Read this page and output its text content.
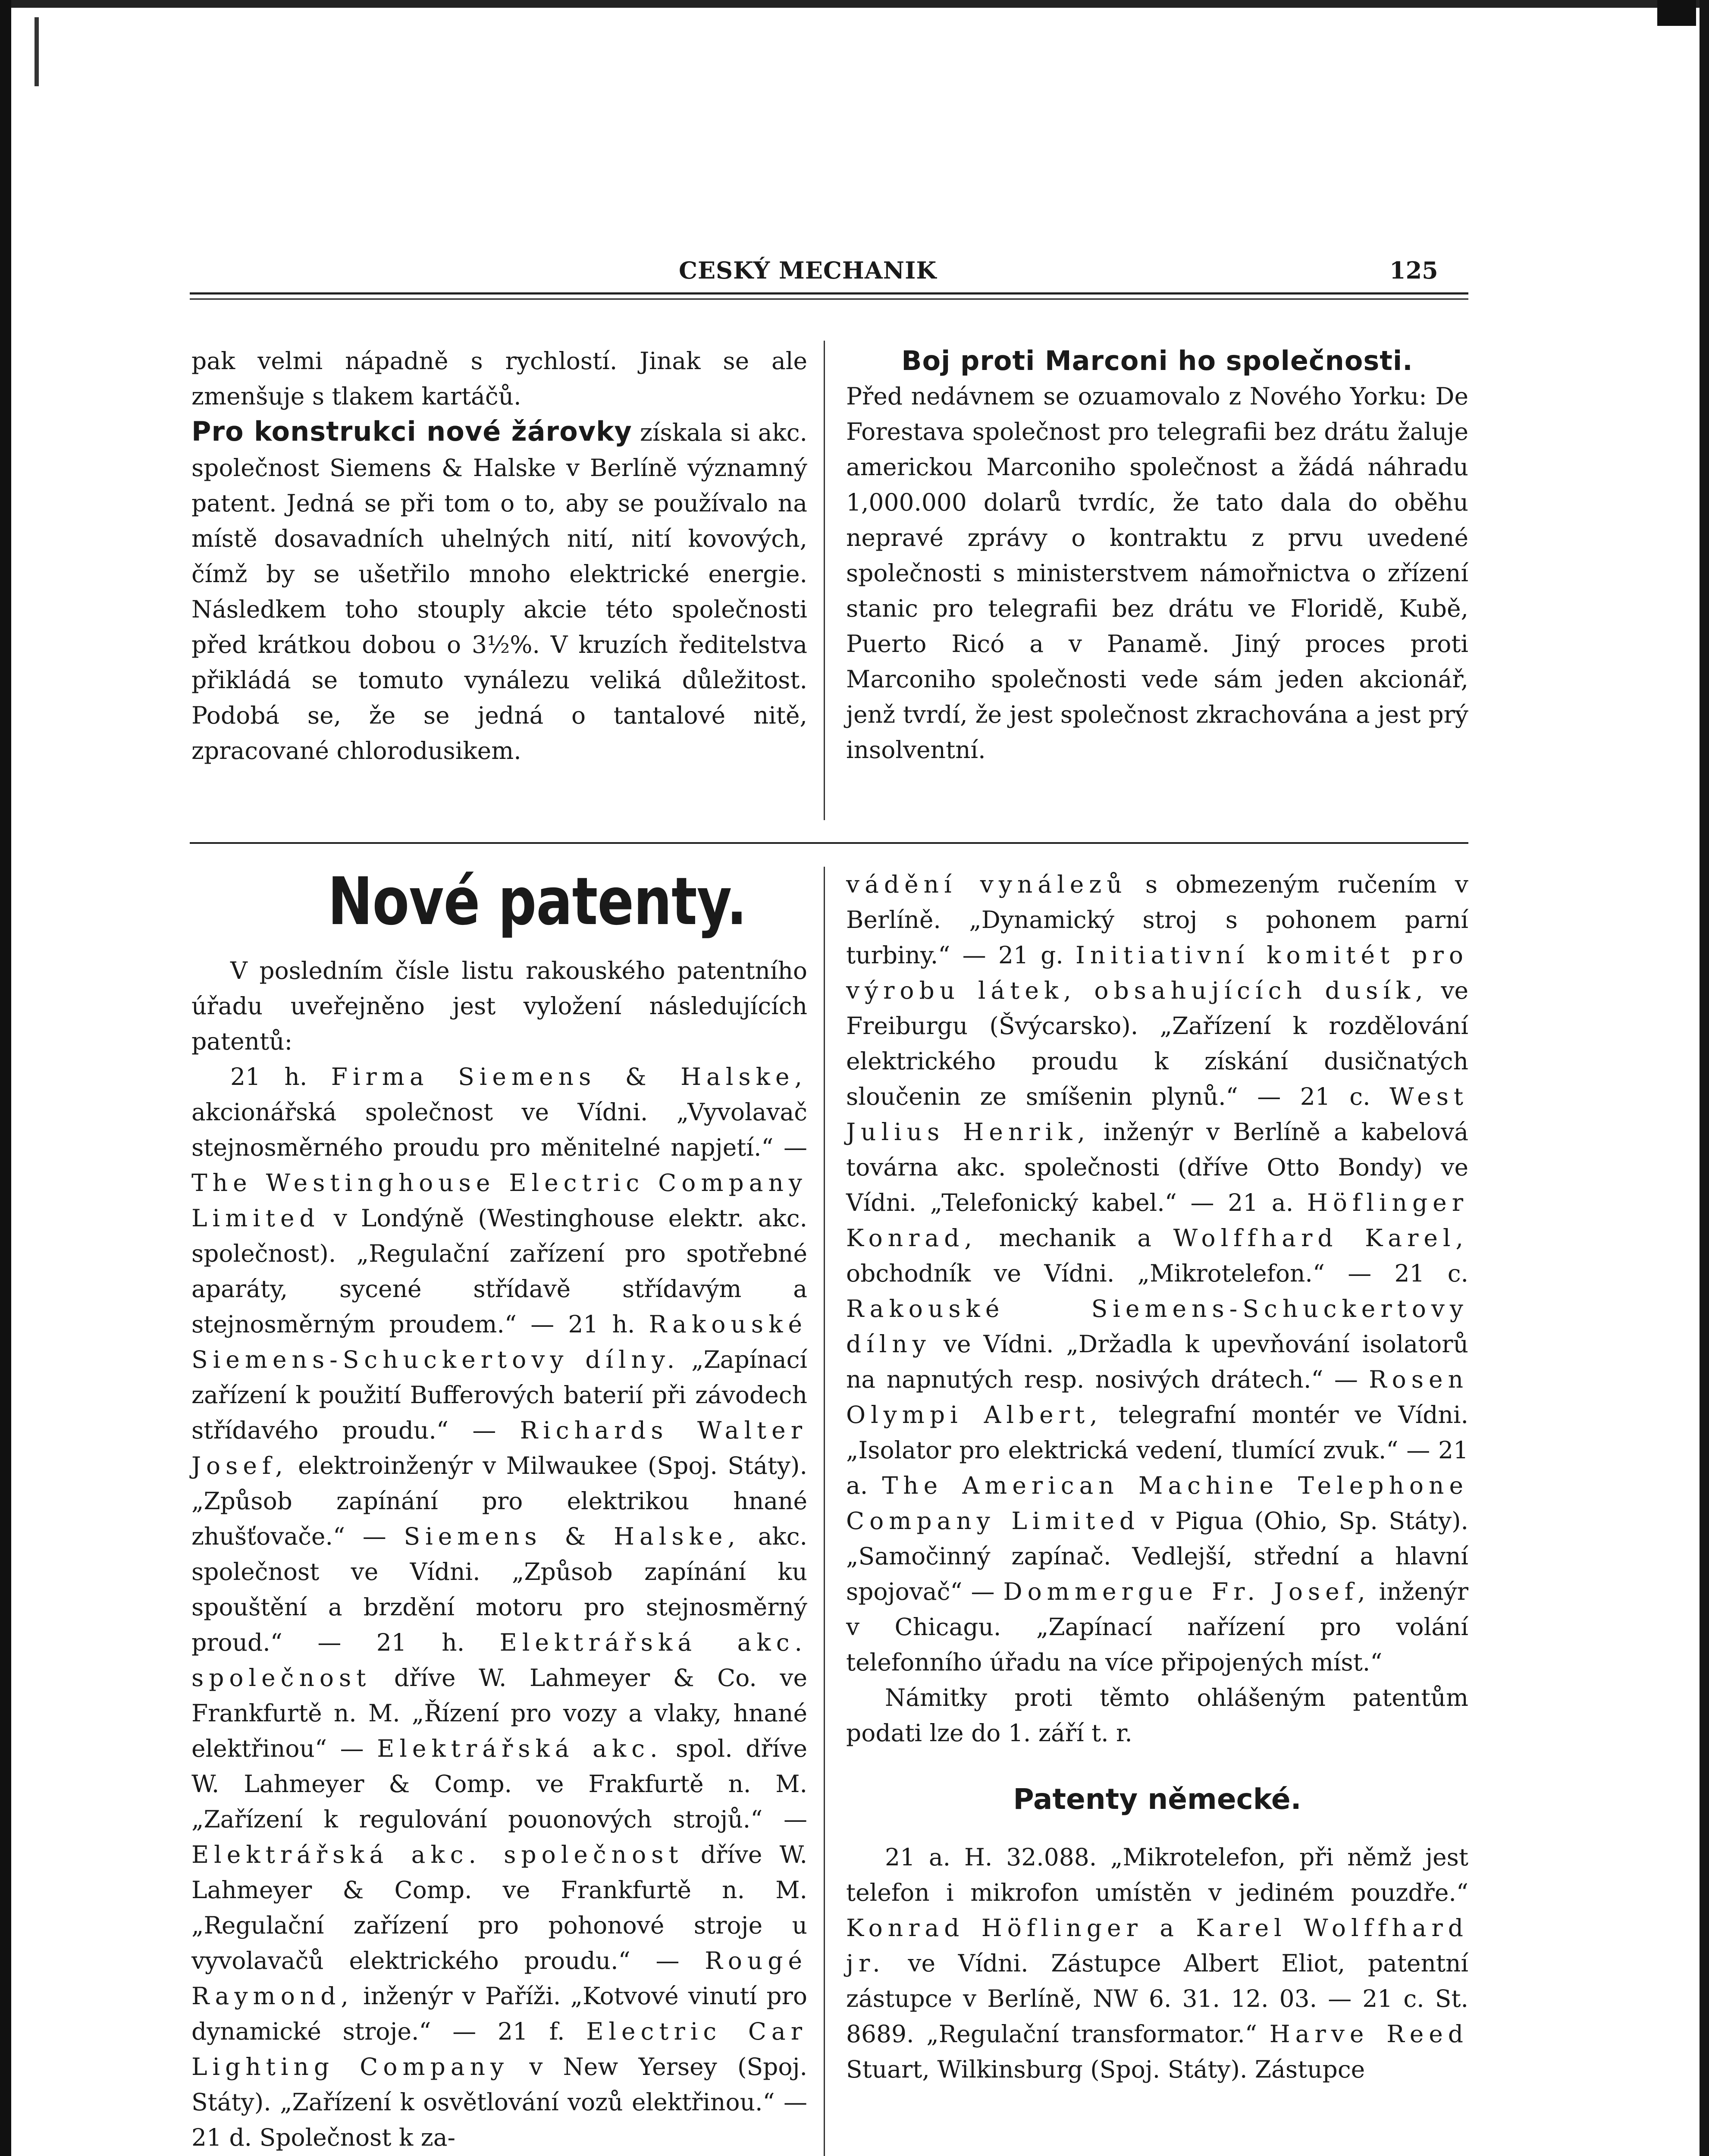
CESKÝ MECHANIK	125

pak velmi nápadně s rychlostí. Jinak se ale zmenšuje s tlakem kartáčů.

Pro konstrukci nové žárovky získala si akc. společnost Siemens & Halske v Berlíně významný patent. Jedná se při tom o to, aby se používalo na místě dosavadních uhelných nití, nití kovových, čímž by se ušetřilo mnoho elektrické energie. Následkem toho stouply akcie této společnosti před krátkou dobou o 3½%. V kruzích ředitelstva přikládá se tomuto vynálezu veliká důležitost. Podobá se, že se jedná o tantalové nitě, zpracované chlorodusikem.

Boj proti Marconi ho společnosti.

Před nedávnem se ozuamovalo z Nového Yorku: De Forestava společnost pro telegrafii bez drátu žaluje americkou Marconiho společnost a žádá náhradu 1,000.000 dolarů tvrdíc, že tato dala do oběhu nepravé zprávy o kontraktu z prvu uvedené společnosti s ministerstvem námořnictva o zřízení stanic pro telegrafii bez drátu ve Floridě, Kubě, Puerto Ricó a v Panamě. Jiný proces proti Marconiho společnosti vede sám jeden akcionář, jenž tvrdí, že jest společnost zkrachována a jest prý insolventní.

Nové patenty.

V posledním čísle listu rakouského patentního úřadu uveřejněno jest vyložení následujících patentů:

21 h. Firma Siemens & Halske, akcionářská společnost ve Vídni. „Vyvolavač stejnosměrného proudu pro měnitelné napjetí.“ — The Westinghouse Electric Company Limited v Londýně (Westinghouse elektr. akc. společnost). „Regulační zařízení pro spotřebné aparáty, sycené střídavě střídavým a stejnosměrným proudem.“ — 21 h. Rakouské Siemens-Schuckertovy dílny. „Zapínací zařízení k použití Bufferových baterií při závodech střídavého proudu.“ — Richards Walter Josef, elektroinženýr v Milwaukee (Spoj. Státy). „Způsob zapínání pro elektrikou hnané zhušťovače.“ — Siemens & Halske, akc. společnost ve Vídni. „Způsob zapínání ku spouštění a brzdění motoru pro stejnosměrný proud.“ — 21 h. Elektrářská akc. společnost dříve W. Lahmeyer & Co. ve Frankfurtě n. M. „Řízení pro vozy a vlaky, hnané elektřinou“ — Elektrářská akc. spol. dříve W. Lahmeyer & Comp. ve Frakfurtě n. M. „Zařízení k regulování pouonových strojů.“ — Elektrářská akc. společnost dříve W. Lahmeyer & Comp. ve Frankfurtě n. M. „Regulační zařízení pro pohonové stroje u vyvolavačů elektrického proudu.“ — Rougé Raymond, inženýr v Paříži. „Kotvové vinutí pro dynamické stroje.“ — 21 f. Electric Car Lighting Company v New Yersey (Spoj. Státy). „Zařízení k osvětlování vozů elektřinou.“ — 21 d. Společnost k za-

vádění vynálezů s obmezeným ručením v Berlíně. „Dynamický stroj s pohonem parní turbiny.“ — 21 g. Initiativní komitét pro výrobu látek, obsahujících dusík, ve Freiburgu (Švýcarsko). „Zařízení k rozdělování elektrického proudu k získání dusičnatých sloučenin ze smíšenin plynů.“ — 21 c. West Julius Henrik, inženýr v Berlíně a kabelová továrna akc. společnosti (dříve Otto Bondy) ve Vídni. „Telefonický kabel.“ — 21 a. Höflinger Konrad, mechanik a Wolffhard Karel, obchodník ve Vídni. „Mikrotelefon.“ — 21 c. Rakouské Siemens-Schuckertovy dílny ve Vídni. „Držadla k upevňování isolatorů na napnutých resp. nosivých drátech.“ — Rosen Olympi Albert, telegrafní montér ve Vídni. „Isolator pro elektrická vedení, tlumící zvuk.“ — 21 a. The American Machine Telephone Company Limited v Pigua (Ohio, Sp. Státy). „Samočinný zapínač. Vedlejší, střední a hlavní spojovač“ — Dommergue Fr. Josef, inženýr v Chicagu. „Zapínací nařízení pro volání telefonního úřadu na více připojených míst.“

Námitky proti těmto ohlášeným patentům podati lze do 1. září t. r.

Patenty německé.

21 a. H. 32.088. „Mikrotelefon, při němž jest telefon i mikrofon umístěn v jediném pouzdře.“ Konrad Höflinger a Karel Wolffhard jr. ve Vídni. Zástupce Albert Eliot, patentní zástupce v Berlíně, NW 6. 31. 12. 03. — 21 c. St. 8689. „Regulační transformator.“ Harve Reed Stuart, Wilkinsburg (Spoj. Státy). Zástupce
